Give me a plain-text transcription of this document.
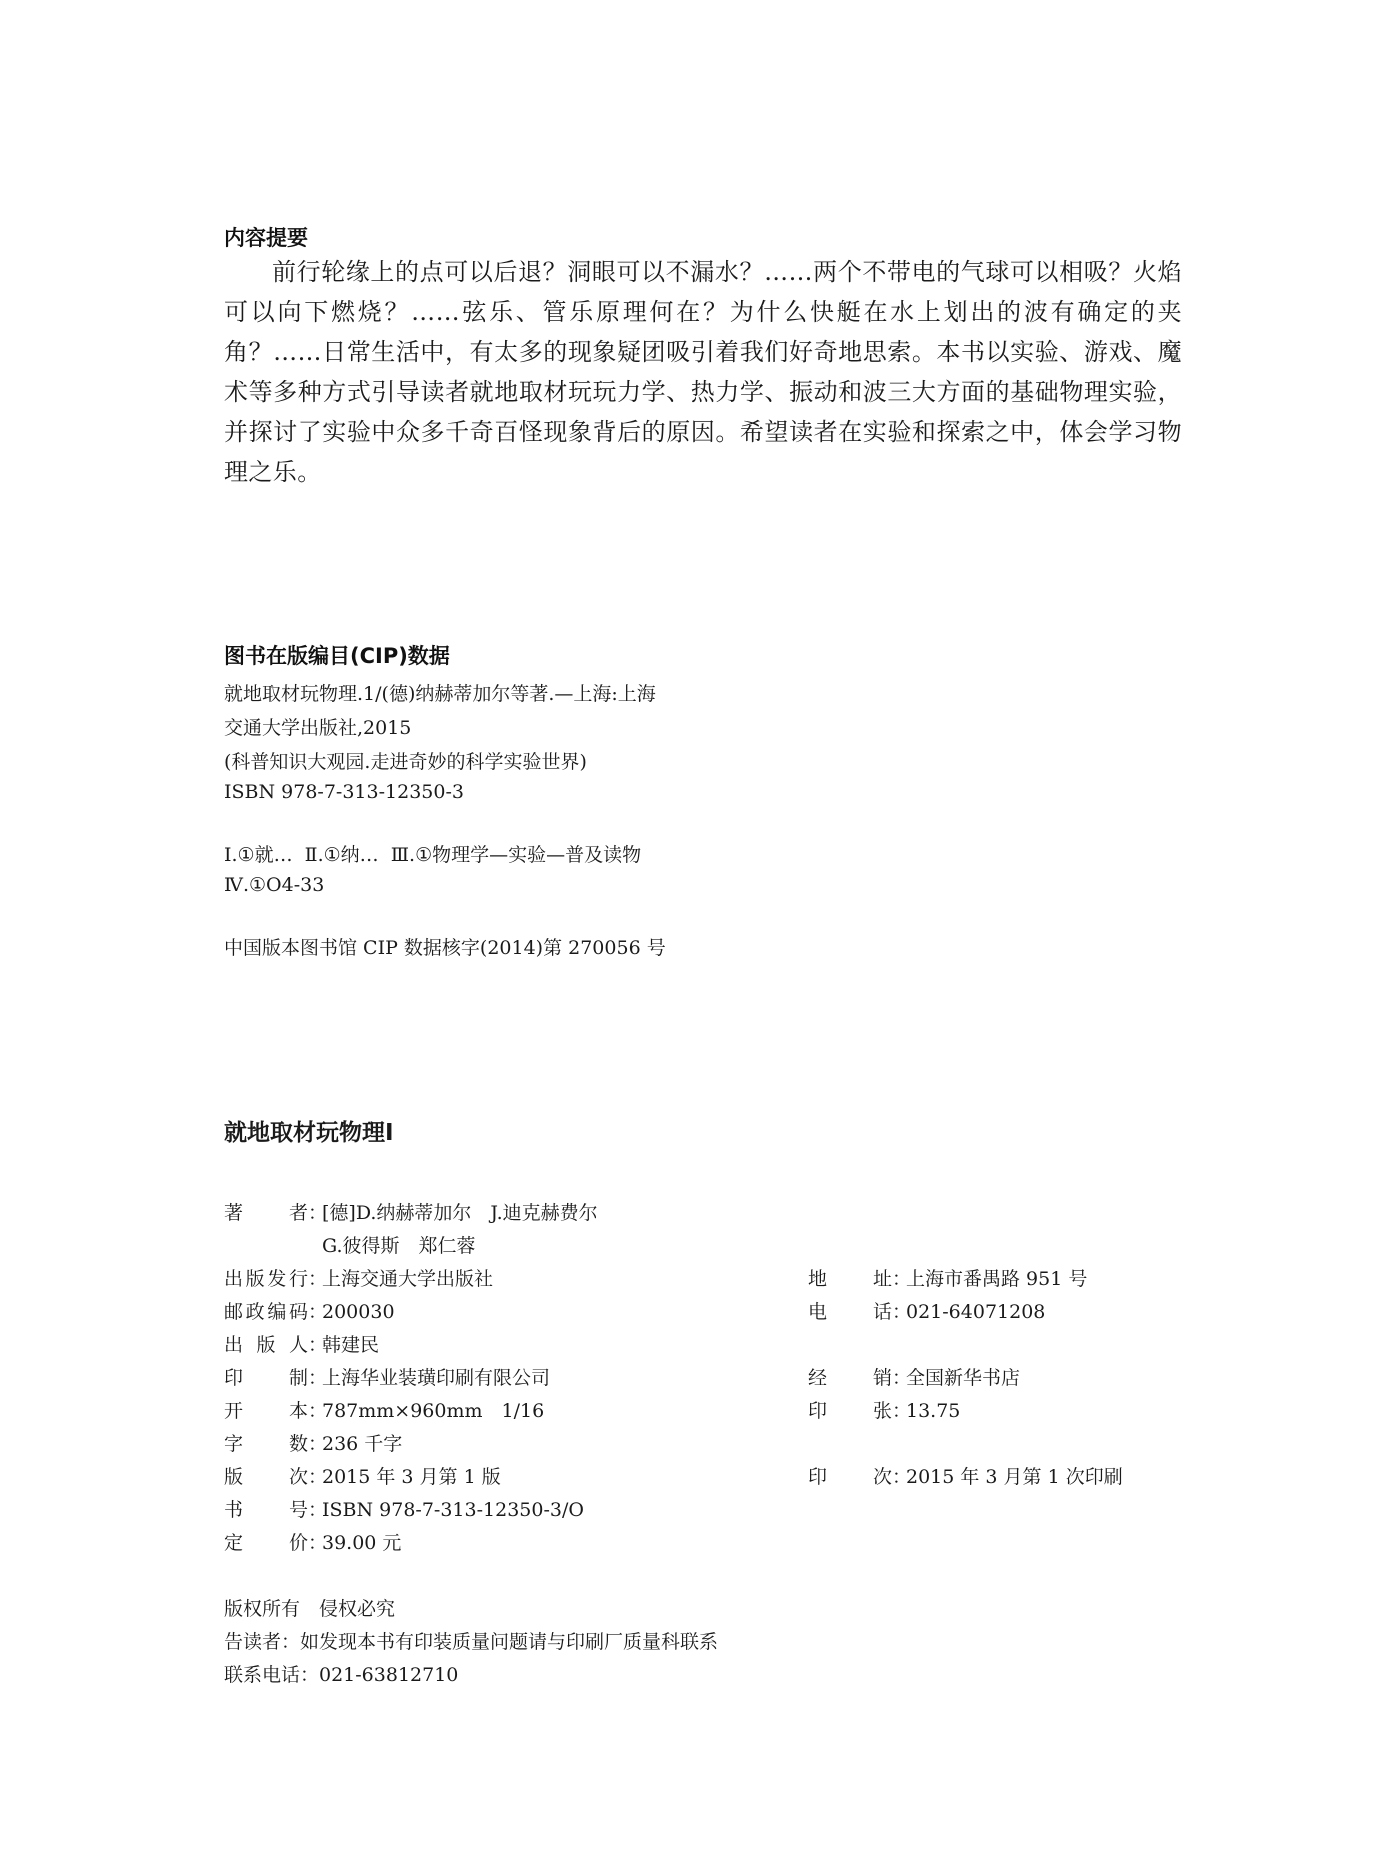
内容提要

前行轮缘上的点可以后退？洞眼可以不漏水？……两个不带电的气球可以相吸？火焰可以向下燃烧？……弦乐、管乐原理何在？为什么快艇在水上划出的波有确定的夹角？……日常生活中，有太多的现象疑团吸引着我们好奇地思索。本书以实验、游戏、魔术等多种方式引导读者就地取材玩玩力学、热力学、振动和波三大方面的基础物理实验，并探讨了实验中众多千奇百怪现象背后的原因。希望读者在实验和探索之中，体会学习物理之乐。

图书在版编目(CIP)数据
就地取材玩物理.1/(德)纳赫蒂加尔等著.—上海:上海
交通大学出版社,2015
(科普知识大观园.走进奇妙的科学实验世界)
ISBN 978-7-313-12350-3
Ⅰ.①就…  Ⅱ.①纳…  Ⅲ.①物理学—实验—普及读物
Ⅳ.①O4-33
中国版本图书馆 CIP 数据核字(2014)第 270056 号
就地取材玩物理Ⅰ
著　者：[德]D.纳赫蒂加尔　J.迪克赫费尔
G.彼得斯　郑仁蓉
出版发行：上海交通大学出版社
邮政编码：200030
出版人：韩建民
印制：上海华业装璜印刷有限公司
开本：787mm×960mm　1/16
字数：236 千字
版次：2015 年 3 月第 1 版
书号：ISBN 978-7-313-12350-3/O
定价：39.00 元
地址：上海市番禺路 951 号
电话：021-64071208
经销：全国新华书店
印张：13.75
印次：2015 年 3 月第 1 次印刷
版权所有　侵权必究
告读者：如发现本书有印装质量问题请与印刷厂质量科联系
联系电话：021-63812710
